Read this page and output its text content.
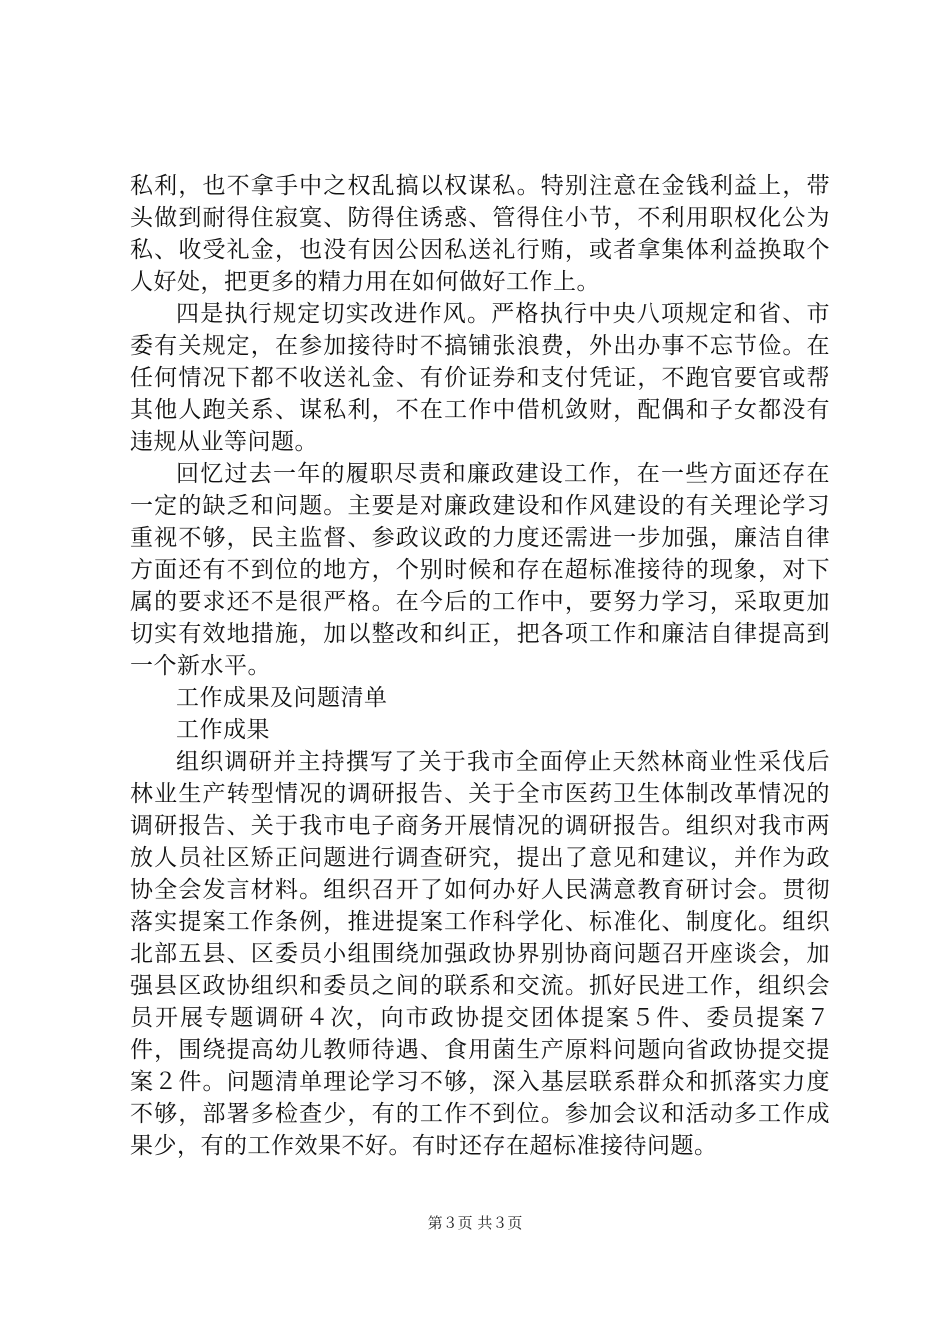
私利，也不拿手中之权乱搞以权谋私。特别注意在金钱利益上，带头做到耐得住寂寞、防得住诱惑、管得住小节，不利用职权化公为私、收受礼金，也没有因公因私送礼行贿，或者拿集体利益换取个人好处，把更多的精力用在如何做好工作上。

四是执行规定切实改进作风。严格执行中央八项规定和省、市委有关规定，在参加接待时不搞铺张浪费，外出办事不忘节俭。在任何情况下都不收送礼金、有价证券和支付凭证，不跑官要官或帮其他人跑关系、谋私利，不在工作中借机敛财，配偶和子女都没有违规从业等问题。

回忆过去一年的履职尽责和廉政建设工作，在一些方面还存在一定的缺乏和问题。主要是对廉政建设和作风建设的有关理论学习重视不够，民主监督、参政议政的力度还需进一步加强，廉洁自律方面还有不到位的地方，个别时候和存在超标准接待的现象，对下属的要求还不是很严格。在今后的工作中，要努力学习，采取更加切实有效地措施，加以整改和纠正，把各项工作和廉洁自律提高到一个新水平。

工作成果及问题清单

工作成果

组织调研并主持撰写了关于我市全面停止天然林商业性采伐后林业生产转型情况的调研报告、关于全市医药卫生体制改革情况的调研报告、关于我市电子商务开展情况的调研报告。组织对我市两放人员社区矫正问题进行调查研究，提出了意见和建议，并作为政协全会发言材料。组织召开了如何办好人民满意教育研讨会。贯彻落实提案工作条例，推进提案工作科学化、标准化、制度化。组织北部五县、区委员小组围绕加强政协界别协商问题召开座谈会，加强县区政协组织和委员之间的联系和交流。抓好民进工作，组织会员开展专题调研４次，向市政协提交团体提案５件、委员提案７件，围绕提高幼儿教师待遇、食用菌生产原料问题向省政协提交提案２件。问题清单理论学习不够，深入基层联系群众和抓落实力度不够，部署多检查少，有的工作不到位。参加会议和活动多工作成果少，有的工作效果不好。有时还存在超标准接待问题。

第３页 共３页
